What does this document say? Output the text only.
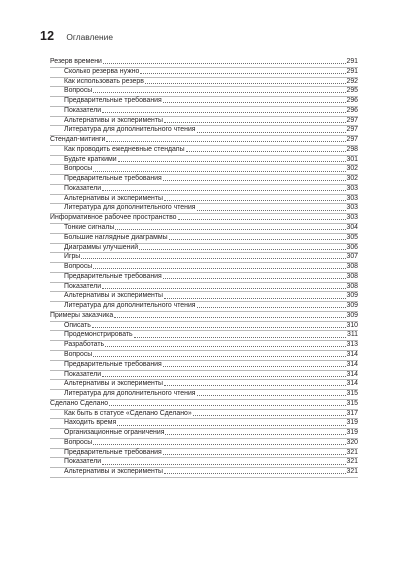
12 Оглавление
Резерв времени	291
Сколько резерва нужно	291
Как использовать резерв	292
Вопросы	295
Предварительные требования	296
Показатели	296
Альтернативы и эксперименты	297
Литература для дополнительного чтения	297
Стендап-митинги	297
Как проводить ежедневные стендапы	298
Будьте краткими	301
Вопросы	302
Предварительные требования	302
Показатели	303
Альтернативы и эксперименты	303
Литература для дополнительного чтения	303
Информативное рабочее пространство	303
Тонкие сигналы	304
Большие наглядные диаграммы	305
Диаграммы улучшений	306
Игры	307
Вопросы	308
Предварительные требования	308
Показатели	308
Альтернативы и эксперименты	309
Литература для дополнительного чтения	309
Примеры заказчика	309
Описать	310
Продемонстрировать	311
Разработать	313
Вопросы	314
Предварительные требования	314
Показатели	314
Альтернативы и эксперименты	314
Литература для дополнительного чтения	315
Сделано Сделано	315
Как быть в статусе «Сделано Сделано»	317
Находить время	319
Организационные ограничения	319
Вопросы	320
Предварительные требования	321
Показатели	321
Альтернативы и эксперименты	321
